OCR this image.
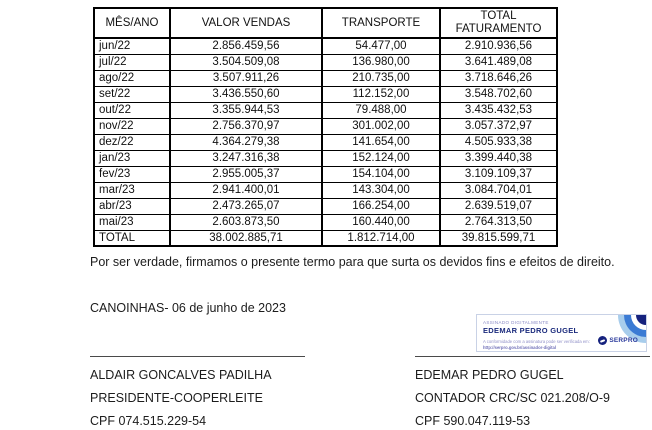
MÊS/ANO	VALOR VENDAS	TRANSPORTE	TOTAL FATURAMENTO
jun/22	2.856.459,56	54.477,00	2.910.936,56
jul/22	3.504.509,08	136.980,00	3.641.489,08
ago/22	3.507.911,26	210.735,00	3.718.646,26
set/22	3.436.550,60	112.152,00	3.548.702,60
out/22	3.355.944,53	79.488,00	3.435.432,53
nov/22	2.756.370,97	301.002,00	3.057.372,97
dez/22	4.364.279,38	141.654,00	4.505.933,38
jan/23	3.247.316,38	152.124,00	3.399.440,38
fev/23	2.955.005,37	154.104,00	3.109.109,37
mar/23	2.941.400,01	143.304,00	3.084.704,01
abr/23	2.473.265,07	166.254,00	2.639.519,07
mai/23	2.603.873,50	160.440,00	2.764.313,50
TOTAL	38.002.885,71	1.812.714,00	39.815.599,71
Por ser verdade, firmamos o presente termo para que surta os devidos fins e efeitos de direito.
CANOINHAS- 06 de junho de 2023
ASSINADO DIGITALMENTE
EDEMAR PEDRO GUGEL
A conformidade com a assinatura pode ser verificada em:
http://serpro.gov.br/assinador-digital
SERPRO
ALDAIR GONCALVES PADILHA
PRESIDENTE-COOPERLEITE
CPF 074.515.229-54
EDEMAR PEDRO GUGEL
CONTADOR CRC/SC 021.208/O-9
CPF 590.047.119-53
